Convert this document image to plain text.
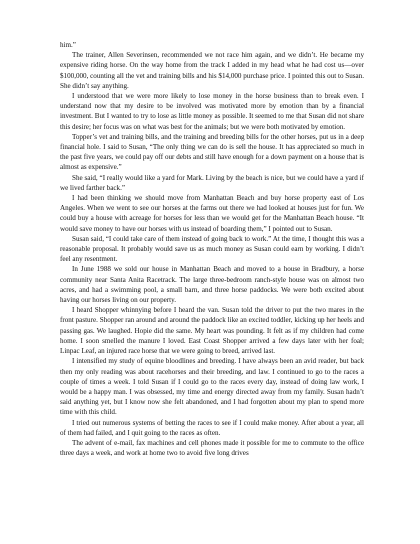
him.”

The trainer, Allen Severinsen, recommended we not race him again, and we didn’t. He became my expensive riding horse. On the way home from the track I added in my head what he had cost us—over $100,000, counting all the vet and training bills and his $14,000 purchase price. I pointed this out to Susan. She didn’t say anything.

I understood that we were more likely to lose money in the horse business than to break even. I understand now that my desire to be involved was motivated more by emotion than by a financial investment. But I wanted to try to lose as little money as possible. It seemed to me that Susan did not share this desire; her focus was on what was best for the animals; but we were both motivated by emotion.

Topper’s vet and training bills, and the training and breeding bills for the other horses, put us in a deep financial hole. I said to Susan, “The only thing we can do is sell the house. It has appreciated so much in the past five years, we could pay off our debts and still have enough for a down payment on a house that is almost as expensive.”

She said, “I really would like a yard for Mark. Living by the beach is nice, but we could have a yard if we lived farther back.”

I had been thinking we should move from Manhattan Beach and buy horse property east of Los Angeles. When we went to see our horses at the farms out there we had looked at houses just for fun. We could buy a house with acreage for horses for less than we would get for the Manhattan Beach house. “It would save money to have our horses with us instead of boarding them,” I pointed out to Susan.

Susan said, “I could take care of them instead of going back to work.” At the time, I thought this was a reasonable proposal. It probably would save us as much money as Susan could earn by working. I didn’t feel any resentment.

In June 1988 we sold our house in Manhattan Beach and moved to a house in Bradbury, a horse community near Santa Anita Racetrack. The large three-bedroom ranch-style house was on almost two acres, and had a swimming pool, a small barn, and three horse paddocks. We were both excited about having our horses living on our property.

I heard Shopper whinnying before I heard the van. Susan told the driver to put the two mares in the front pasture. Shopper ran around and around the paddock like an excited toddler, kicking up her heels and passing gas. We laughed. Hopie did the same. My heart was pounding. It felt as if my children had come home. I soon smelled the manure I loved. East Coast Shopper arrived a few days later with her foal; Linpac Leaf, an injured race horse that we were going to breed, arrived last.

I intensified my study of equine bloodlines and breeding. I have always been an avid reader, but back then my only reading was about racehorses and their breeding, and law. I continued to go to the races a couple of times a week. I told Susan if I could go to the races every day, instead of doing law work, I would be a happy man. I was obsessed, my time and energy directed away from my family. Susan hadn’t said anything yet, but I know now she felt abandoned, and I had forgotten about my plan to spend more time with this child.

I tried out numerous systems of betting the races to see if I could make money. After about a year, all of them had failed, and I quit going to the races as often.

The advent of e-mail, fax machines and cell phones made it possible for me to commute to the office three days a week, and work at home two to avoid five long drives
